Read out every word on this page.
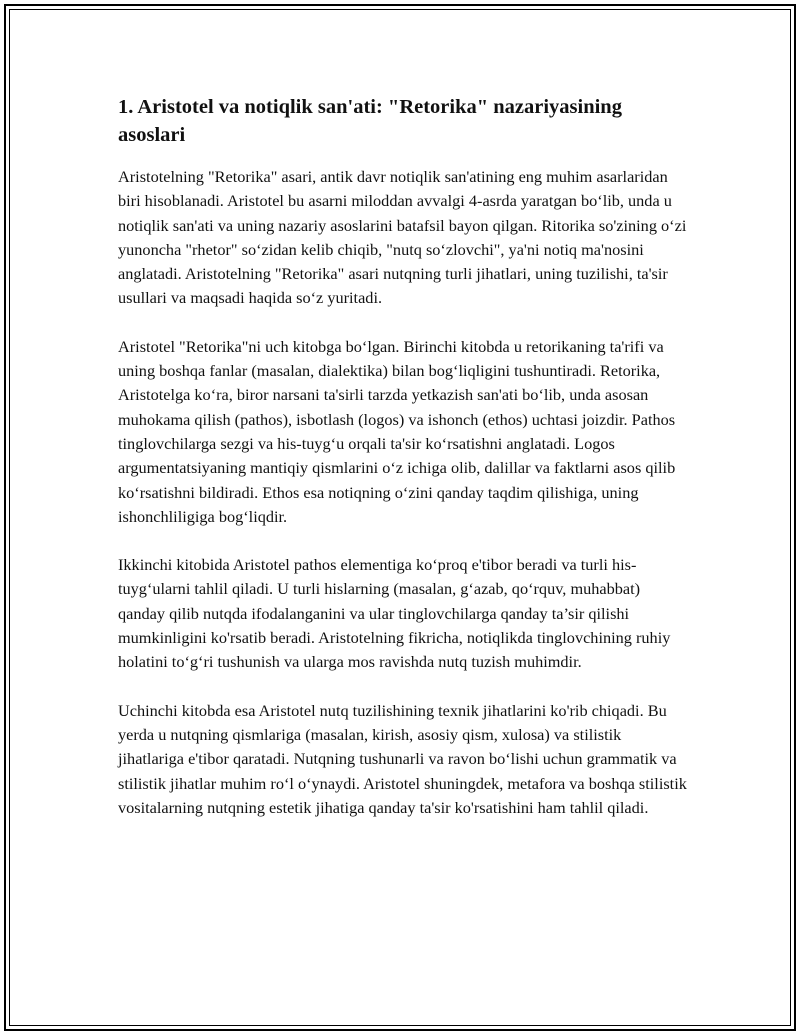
1. Aristotel va notiqlik san'ati: "Retorika" nazariyasining asoslari

Aristotelning "Retorika" asari, antik davr notiqlik san'atining eng muhim asarlaridan biri hisoblanadi. Aristotel bu asarni miloddan avvalgi 4-asrda yaratgan bo‘lib, unda u notiqlik san'ati va uning nazariy asoslarini batafsil bayon qilgan. Ritorika so'zining o‘zi yunoncha "rhetor" so‘zidan kelib chiqib, "nutq so‘zlovchi", ya'ni notiq ma'nosini anglatadi. Aristotelning "Retorika" asari nutqning turli jihatlari, uning tuzilishi, ta'sir usullari va maqsadi haqida so‘z yuritadi.

Aristotel "Retorika"ni uch kitobga bo‘lgan. Birinchi kitobda u retorikaning ta'rifi va uning boshqa fanlar (masalan, dialektika) bilan bog‘liqligini tushuntiradi. Retorika, Aristotelga ko‘ra, biror narsani ta'sirli tarzda yetkazish san'ati bo‘lib, unda asosan muhokama qilish (pathos), isbotlash (logos) va ishonch (ethos) uchtasi joizdir. Pathos tinglovchilarga sezgi va his-tuyg‘u orqali ta'sir ko‘rsatishni anglatadi. Logos argumentatsiyaning mantiqiy qismlarini o‘z ichiga olib, dalillar va faktlarni asos qilib ko‘rsatishni bildiradi. Ethos esa notiqning o‘zini qanday taqdim qilishiga, uning ishonchliligiga bog‘liqdir.

Ikkinchi kitobida Aristotel pathos elementiga ko‘proq e'tibor beradi va turli his-tuyg‘ularni tahlil qiladi. U turli hislarning (masalan, g‘azab, qo‘rquv, muhabbat) qanday qilib nutqda ifodalanganini va ular tinglovchilarga qanday ta’sir qilishi mumkinligini ko'rsatib beradi. Aristotelning fikricha, notiqlikda tinglovchining ruhiy holatini to‘g‘ri tushunish va ularga mos ravishda nutq tuzish muhimdir.

Uchinchi kitobda esa Aristotel nutq tuzilishining texnik jihatlarini ko'rib chiqadi. Bu yerda u nutqning qismlariga (masalan, kirish, asosiy qism, xulosa) va stilistik jihatlariga e'tibor qaratadi. Nutqning tushunarli va ravon bo‘lishi uchun grammatik va stilistik jihatlar muhim ro‘l o‘ynaydi. Aristotel shuningdek, metafora va boshqa stilistik vositalarning nutqning estetik jihatiga qanday ta'sir ko'rsatishini ham tahlil qiladi.
